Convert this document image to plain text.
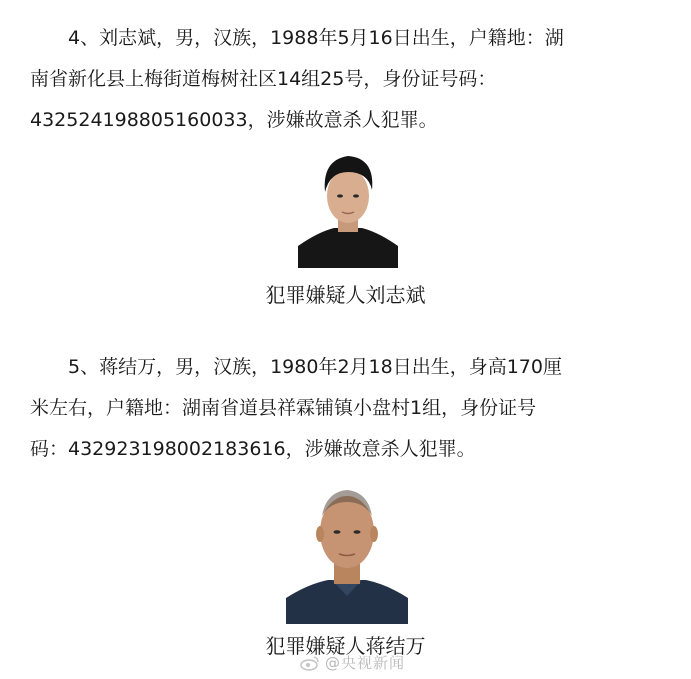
4、刘志斌，男，汉族，1988年5月16日出生，户籍地：湖
南省新化县上梅街道梅树社区14组25号，身份证号码：
432524198805160033，涉嫌故意杀人犯罪。
犯罪嫌疑人刘志斌
5、蒋结万，男，汉族，1980年2月18日出生，身高170厘
米左右，户籍地：湖南省道县祥霖铺镇小盘村1组，身份证号
码：432923198002183616，涉嫌故意杀人犯罪。
犯罪嫌疑人蒋结万
@央视新闻
